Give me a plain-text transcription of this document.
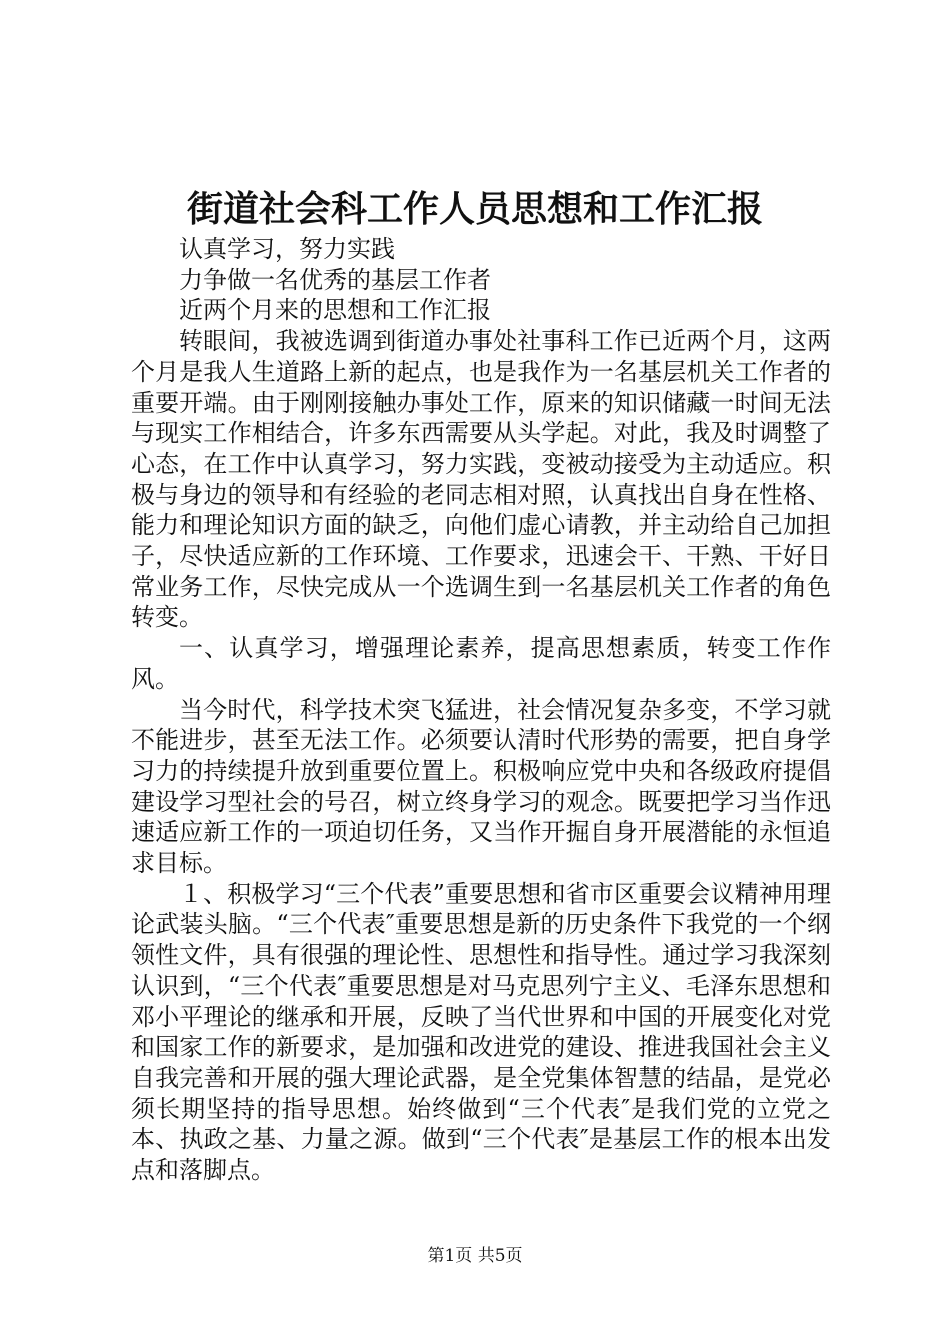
街道社会科工作人员思想和工作汇报

认真学习，努力实践

力争做一名优秀的基层工作者

近两个月来的思想和工作汇报

转眼间，我被选调到街道办事处社事科工作已近两个月，这两个月是我人生道路上新的起点，也是我作为一名基层机关工作者的重要开端。由于刚刚接触办事处工作，原来的知识储藏一时间无法与现实工作相结合，许多东西需要从头学起。对此，我及时调整了心态，在工作中认真学习，努力实践，变被动接受为主动适应。积极与身边的领导和有经验的老同志相对照，认真找出自身在性格、能力和理论知识方面的缺乏，向他们虚心请教，并主动给自己加担子，尽快适应新的工作环境、工作要求，迅速会干、干熟、干好日常业务工作，尽快完成从一个选调生到一名基层机关工作者的角色转变。

一、认真学习，增强理论素养，提高思想素质，转变工作作风。

当今时代，科学技术突飞猛进，社会情况复杂多变，不学习就不能进步，甚至无法工作。必须要认清时代形势的需要，把自身学习力的持续提升放到重要位置上。积极响应党中央和各级政府提倡建设学习型社会的号召，树立终身学习的观念。既要把学习当作迅速适应新工作的一项迫切任务，又当作开掘自身开展潜能的永恒追求目标。

１、积极学习“三个代表”重要思想和省市区重要会议精神用理论武装头脑。“三个代表″重要思想是新的历史条件下我党的一个纲领性文件，具有很强的理论性、思想性和指导性。通过学习我深刻认识到，“三个代表″重要思想是对马克思列宁主义、毛泽东思想和邓小平理论的继承和开展，反映了当代世界和中国的开展变化对党和国家工作的新要求，是加强和改进党的建设、推进我国社会主义自我完善和开展的强大理论武器，是全党集体智慧的结晶，是党必须长期坚持的指导思想。始终做到“三个代表″是我们党的立党之本、执政之基、力量之源。做到“三个代表″是基层工作的根本出发点和落脚点。

第1页 共5页
